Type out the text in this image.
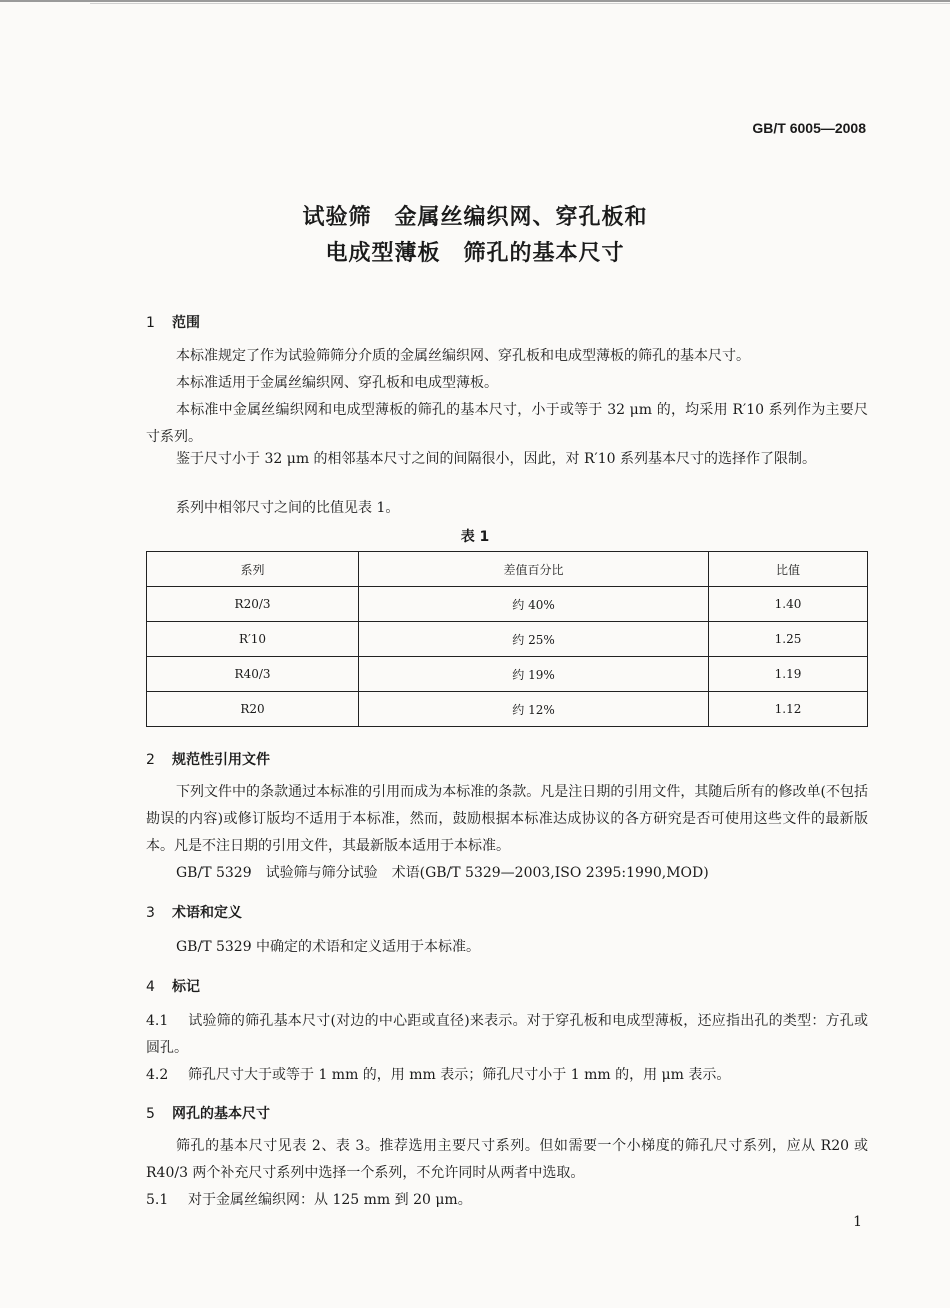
GB/T 6005—2008
试验筛　金属丝编织网、穿孔板和
电成型薄板　筛孔的基本尺寸
1 范围
本标准规定了作为试验筛筛分介质的金属丝编织网、穿孔板和电成型薄板的筛孔的基本尺寸。
本标准适用于金属丝编织网、穿孔板和电成型薄板。
本标准中金属丝编织网和电成型薄板的筛孔的基本尺寸，小于或等于 32 μm 的，均采用 R′10 系列作为主要尺寸系列。
鉴于尺寸小于 32 μm 的相邻基本尺寸之间的间隔很小，因此，对 R′10 系列基本尺寸的选择作了限制。
系列中相邻尺寸之间的比值见表 1。
表 1
系列	差值百分比	比值
R20/3	约 40%	1.40
R′10	约 25%	1.25
R40/3	约 19%	1.19
R20	约 12%	1.12
2 规范性引用文件
下列文件中的条款通过本标准的引用而成为本标准的条款。凡是注日期的引用文件，其随后所有的修改单(不包括勘误的内容)或修订版均不适用于本标准，然而，鼓励根据本标准达成协议的各方研究是否可使用这些文件的最新版本。凡是不注日期的引用文件，其最新版本适用于本标准。
GB/T 5329　试验筛与筛分试验　术语(GB/T 5329—2003,ISO 2395:1990,MOD)
3 术语和定义
GB/T 5329 中确定的术语和定义适用于本标准。
4 标记
4.1 试验筛的筛孔基本尺寸(对边的中心距或直径)来表示。对于穿孔板和电成型薄板，还应指出孔的类型：方孔或圆孔。
4.2 筛孔尺寸大于或等于 1 mm 的，用 mm 表示；筛孔尺寸小于 1 mm 的，用 μm 表示。
5 网孔的基本尺寸
筛孔的基本尺寸见表 2、表 3。推荐选用主要尺寸系列。但如需要一个小梯度的筛孔尺寸系列，应从 R20 或 R40/3 两个补充尺寸系列中选择一个系列，不允许同时从两者中选取。
5.1 对于金属丝编织网：从 125 mm 到 20 μm。
1
